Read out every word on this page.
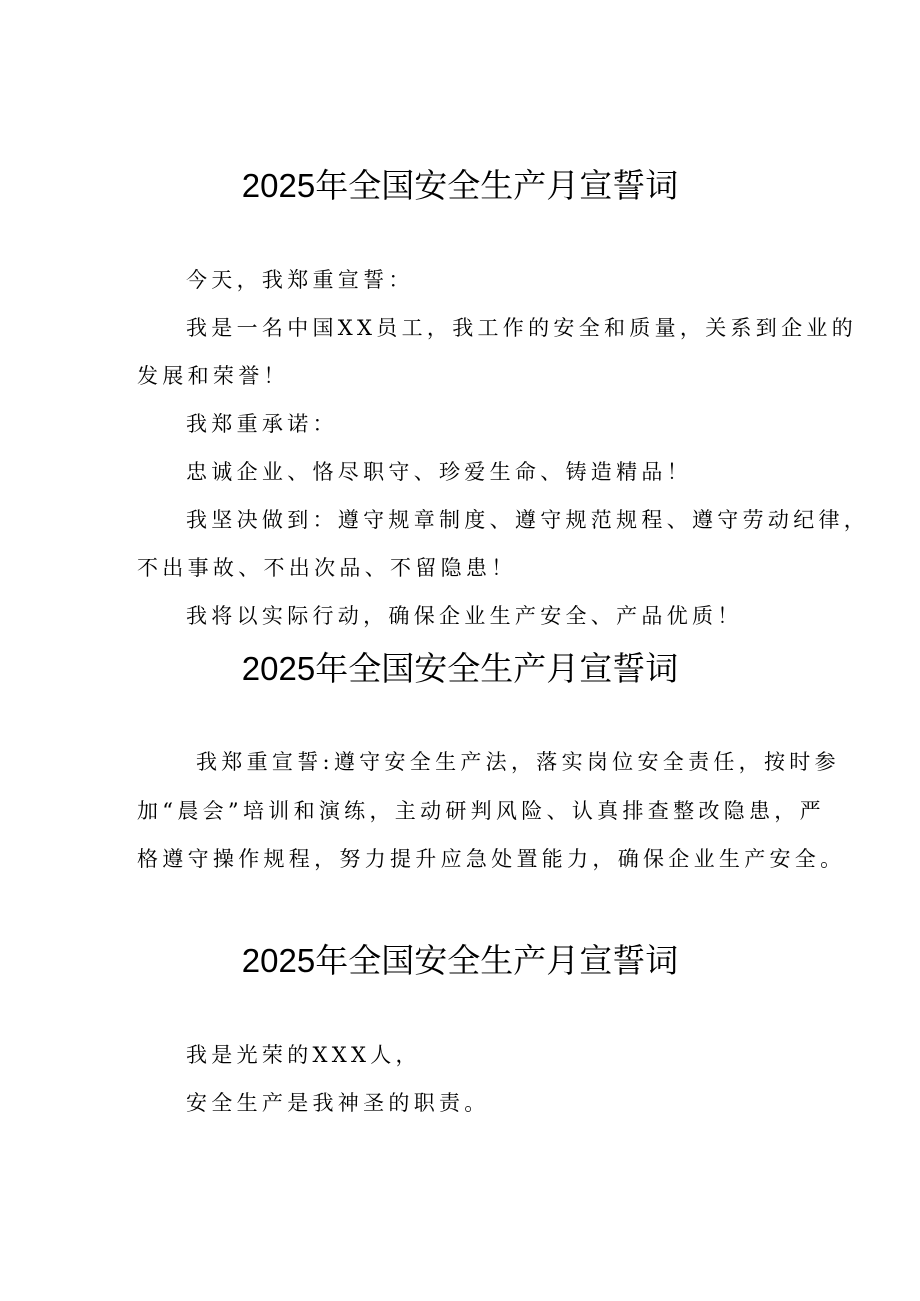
2025年全国安全生产月宣誓词
今天，我郑重宣誓：
我是一名中国XX员工，我工作的安全和质量，关系到企业的
发展和荣誉！
我郑重承诺：
忠诚企业、恪尽职守、珍爱生命、铸造精品！
我坚决做到：遵守规章制度、遵守规范规程、遵守劳动纪律，
不出事故、不出次品、不留隐患！
我将以实际行动，确保企业生产安全、产品优质！
2025年全国安全生产月宣誓词
我郑重宣誓:遵守安全生产法，落实岗位安全责任，按时参
加“晨会”培训和演练，主动研判风险、认真排查整改隐患，严
格遵守操作规程，努力提升应急处置能力，确保企业生产安全。
2025年全国安全生产月宣誓词
我是光荣的XXX人，
安全生产是我神圣的职责。
